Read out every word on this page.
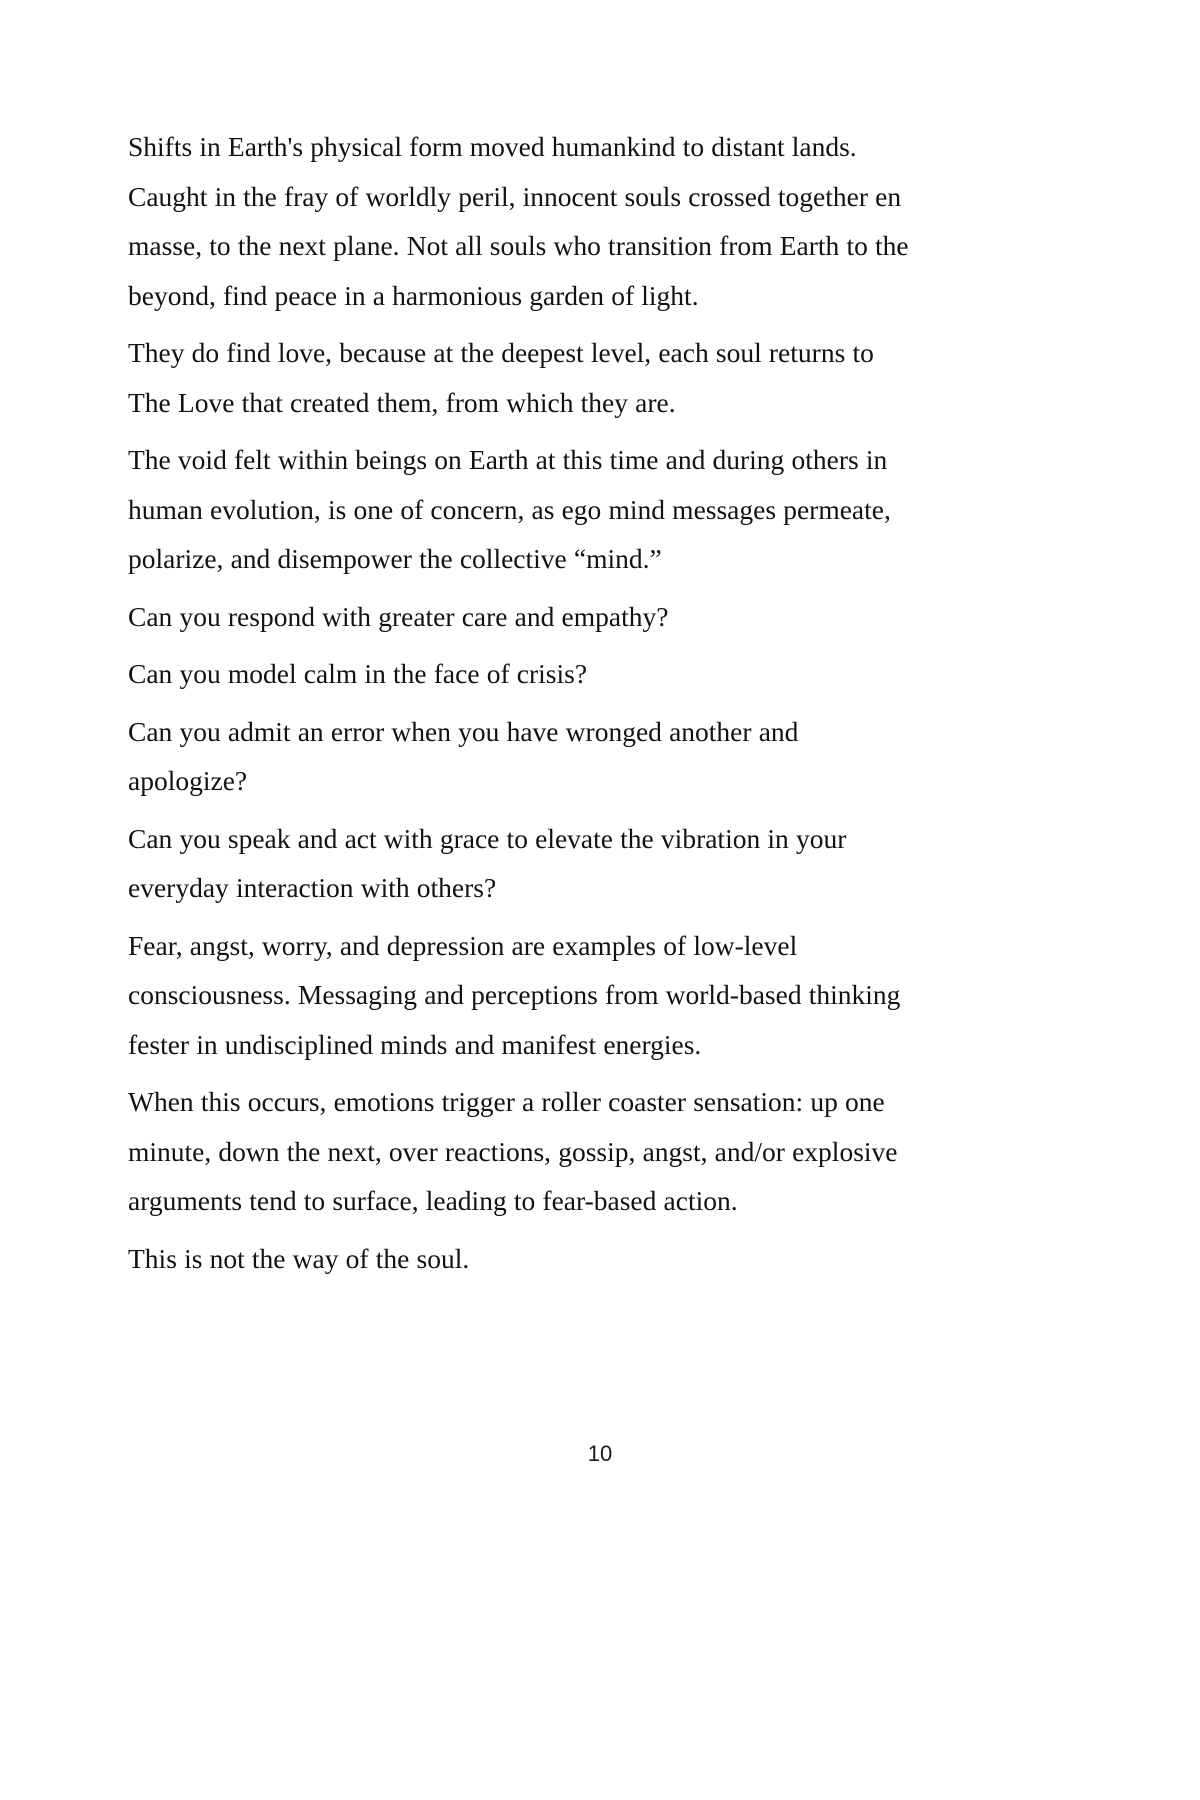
Shifts in Earth's physical form moved humankind to distant lands. Caught in the fray of worldly peril, innocent souls crossed together en masse, to the next plane. Not all souls who transition from Earth to the beyond, find peace in a harmonious garden of light.

They do find love, because at the deepest level, each soul returns to The Love that created them, from which they are.

The void felt within beings on Earth at this time and during others in human evolution, is one of concern, as ego mind messages permeate, polarize, and disempower the collective “mind.”

Can you respond with greater care and empathy?

Can you model calm in the face of crisis?

Can you admit an error when you have wronged another and apologize?

Can you speak and act with grace to elevate the vibration in your everyday interaction with others?

Fear, angst, worry, and depression are examples of low-level consciousness. Messaging and perceptions from world-based thinking fester in undisciplined minds and manifest energies.

When this occurs, emotions trigger a roller coaster sensation: up one minute, down the next, over reactions, gossip, angst, and/or explosive arguments tend to surface, leading to fear-based action.

This is not the way of the soul.

10
